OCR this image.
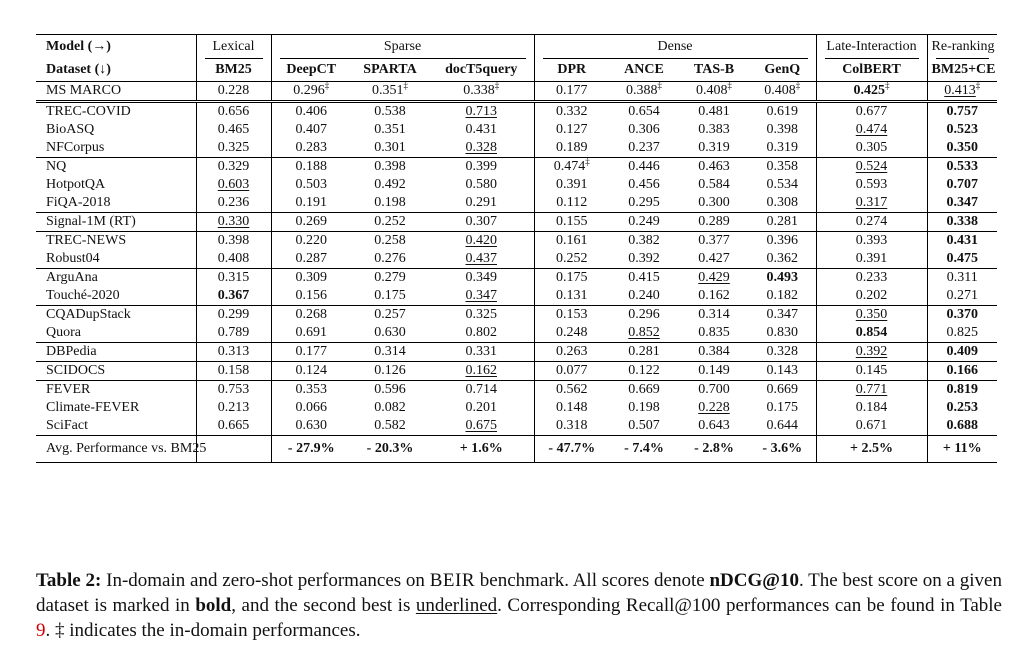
Model (→)	Lexical	Sparse			Dense				Late-Interaction	Re-ranking
Dataset (↓)	BM25	DeepCT	SPARTA	docT5query	DPR	ANCE	TAS-B	GenQ	ColBERT	BM25+CE
MS MARCO	0.228	0.296‡	0.351‡	0.338‡	0.177	0.388‡	0.408‡	0.408‡	0.425‡	0.413‡
TREC-COVID	0.656	0.406	0.538	0.713	0.332	0.654	0.481	0.619	0.677	0.757
BioASQ	0.465	0.407	0.351	0.431	0.127	0.306	0.383	0.398	0.474	0.523
NFCorpus	0.325	0.283	0.301	0.328	0.189	0.237	0.319	0.319	0.305	0.350
NQ	0.329	0.188	0.398	0.399	0.474‡	0.446	0.463	0.358	0.524	0.533
HotpotQA	0.603	0.503	0.492	0.580	0.391	0.456	0.584	0.534	0.593	0.707
FiQA-2018	0.236	0.191	0.198	0.291	0.112	0.295	0.300	0.308	0.317	0.347
Signal-1M (RT)	0.330	0.269	0.252	0.307	0.155	0.249	0.289	0.281	0.274	0.338
TREC-NEWS	0.398	0.220	0.258	0.420	0.161	0.382	0.377	0.396	0.393	0.431
Robust04	0.408	0.287	0.276	0.437	0.252	0.392	0.427	0.362	0.391	0.475
ArguAna	0.315	0.309	0.279	0.349	0.175	0.415	0.429	0.493	0.233	0.311
Touché-2020	0.367	0.156	0.175	0.347	0.131	0.240	0.162	0.182	0.202	0.271
CQADupStack	0.299	0.268	0.257	0.325	0.153	0.296	0.314	0.347	0.350	0.370
Quora	0.789	0.691	0.630	0.802	0.248	0.852	0.835	0.830	0.854	0.825
DBPedia	0.313	0.177	0.314	0.331	0.263	0.281	0.384	0.328	0.392	0.409
SCIDOCS	0.158	0.124	0.126	0.162	0.077	0.122	0.149	0.143	0.145	0.166
FEVER	0.753	0.353	0.596	0.714	0.562	0.669	0.700	0.669	0.771	0.819
Climate-FEVER	0.213	0.066	0.082	0.201	0.148	0.198	0.228	0.175	0.184	0.253
SciFact	0.665	0.630	0.582	0.675	0.318	0.507	0.643	0.644	0.671	0.688
Avg. Performance vs. BM25		- 27.9%	- 20.3%	+ 1.6%	- 47.7%	- 7.4%	- 2.8%	- 3.6%	+ 2.5%	+ 11%
Table 2: In-domain and zero-shot performances on BEIR benchmark. All scores denote nDCG@10. The best score on a given dataset is marked in bold, and the second best is underlined. Corresponding Recall@100 performances can be found in Table 9. ‡ indicates the in-domain performances.
